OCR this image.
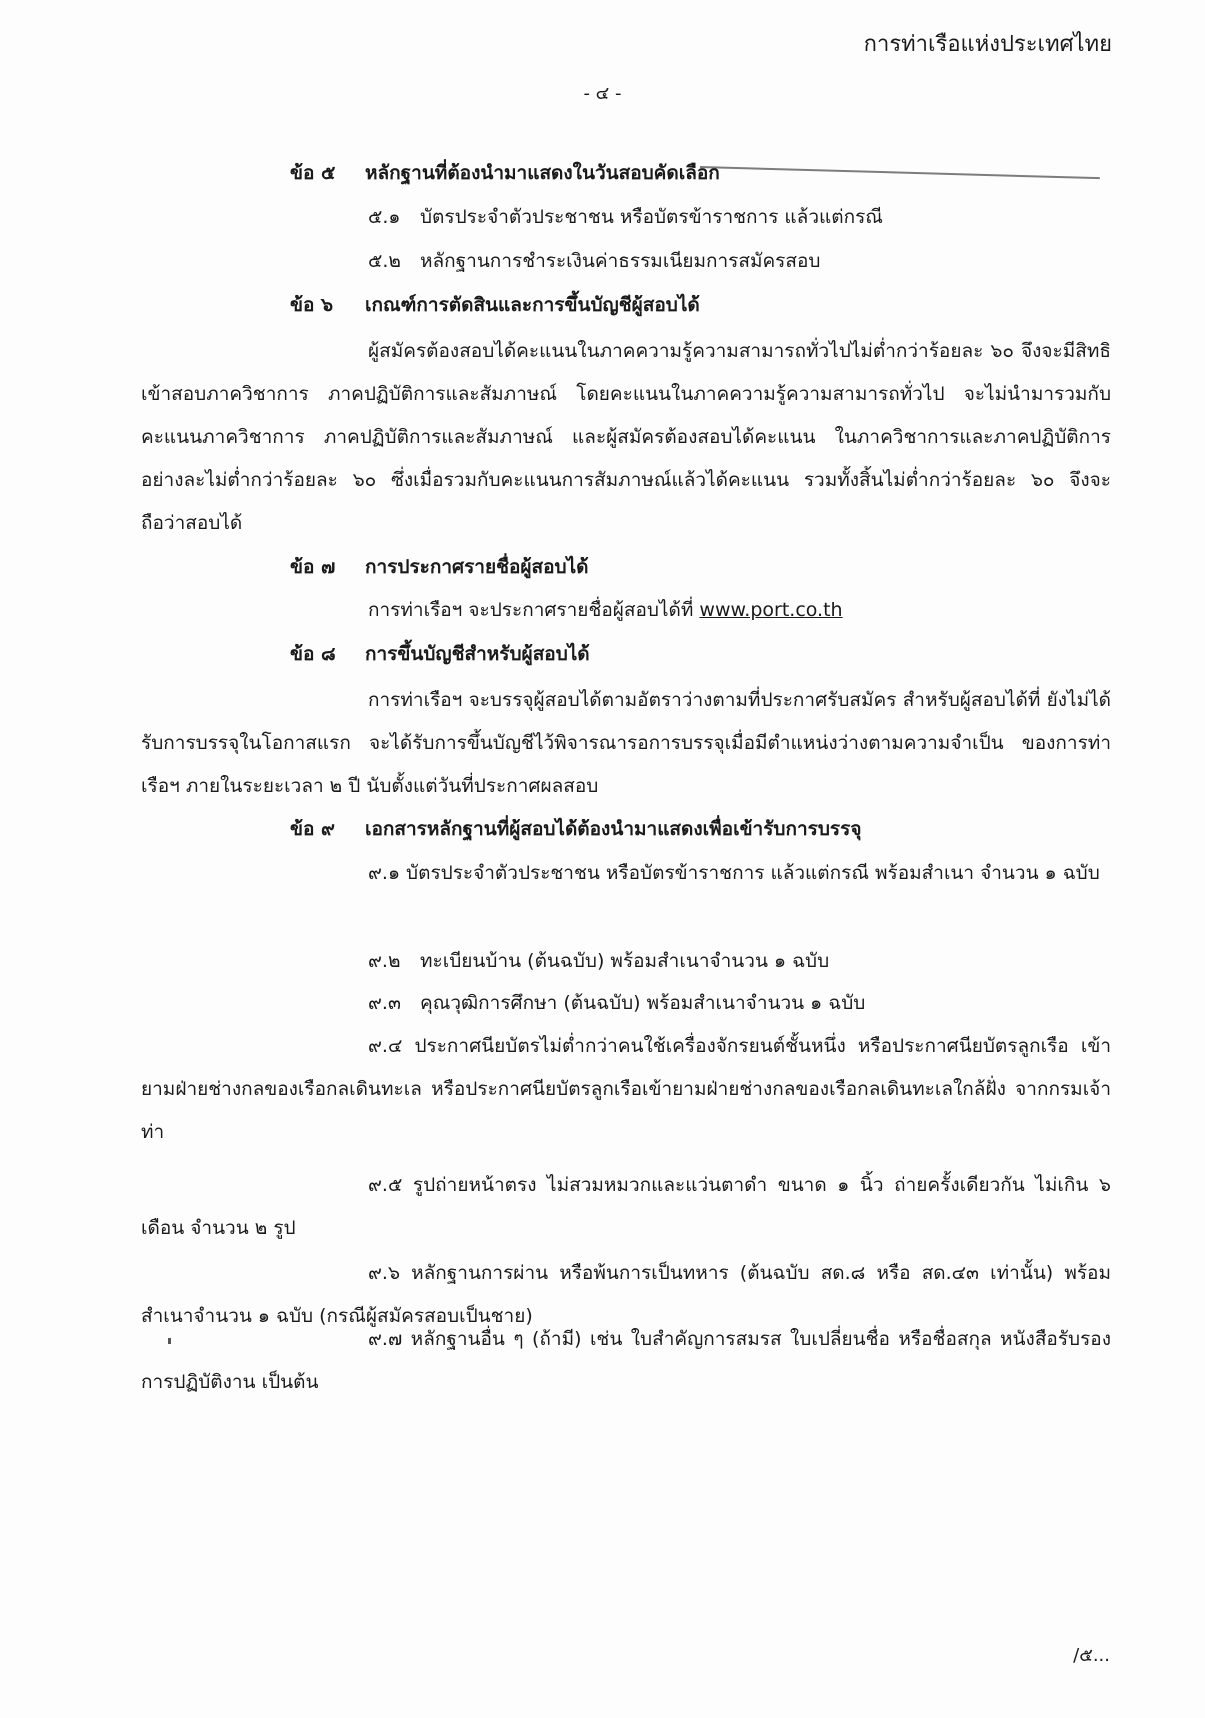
การท่าเรือแห่งประเทศไทย
- ๔ -
ข้อ ๕ หลักฐานที่ต้องนำมาแสดงในวันสอบคัดเลือก
๕.๑ บัตรประจำตัวประชาชน หรือบัตรข้าราชการ แล้วแต่กรณี
๕.๒ หลักฐานการชำระเงินค่าธรรมเนียมการสมัครสอบ
ข้อ ๖ เกณฑ์การตัดสินและการขึ้นบัญชีผู้สอบได้
ผู้สมัครต้องสอบได้คะแนนในภาคความรู้ความสามารถทั่วไปไม่ต่ำกว่าร้อยละ ๖๐ จึงจะมีสิทธิเข้าสอบภาควิชาการ ภาคปฏิบัติการและสัมภาษณ์ โดยคะแนนในภาคความรู้ความสามารถทั่วไป จะไม่นำมารวมกับคะแนนภาควิชาการ ภาคปฏิบัติการและสัมภาษณ์ และผู้สมัครต้องสอบได้คะแนน ในภาควิชาการและภาคปฏิบัติการอย่างละไม่ต่ำกว่าร้อยละ ๖๐ ซึ่งเมื่อรวมกับคะแนนการสัมภาษณ์แล้วได้คะแนน รวมทั้งสิ้นไม่ต่ำกว่าร้อยละ ๖๐ จึงจะถือว่าสอบได้
ข้อ ๗ การประกาศรายชื่อผู้สอบได้
การท่าเรือฯ จะประกาศรายชื่อผู้สอบได้ที่ www.port.co.th
ข้อ ๘ การขึ้นบัญชีสำหรับผู้สอบได้
การท่าเรือฯ จะบรรจุผู้สอบได้ตามอัตราว่างตามที่ประกาศรับสมัคร สำหรับผู้สอบได้ที่ ยังไม่ได้รับการบรรจุในโอกาสแรก จะได้รับการขึ้นบัญชีไว้พิจารณารอการบรรจุเมื่อมีตำแหน่งว่างตามความจำเป็น ของการท่าเรือฯ ภายในระยะเวลา ๒ ปี นับตั้งแต่วันที่ประกาศผลสอบ
ข้อ ๙ เอกสารหลักฐานที่ผู้สอบได้ต้องนำมาแสดงเพื่อเข้ารับการบรรจุ
๙.๑ บัตรประจำตัวประชาชน หรือบัตรข้าราชการ แล้วแต่กรณี พร้อมสำเนา จำนวน ๑ ฉบับ
๙.๒ ทะเบียนบ้าน (ต้นฉบับ) พร้อมสำเนาจำนวน ๑ ฉบับ
๙.๓ คุณวุฒิการศึกษา (ต้นฉบับ) พร้อมสำเนาจำนวน ๑ ฉบับ
๙.๔ ประกาศนียบัตรไม่ต่ำกว่าคนใช้เครื่องจักรยนต์ชั้นหนึ่ง หรือประกาศนียบัตรลูกเรือ เข้ายามฝ่ายช่างกลของเรือกลเดินทะเล หรือประกาศนียบัตรลูกเรือเข้ายามฝ่ายช่างกลของเรือกลเดินทะเลใกล้ฝั่ง จากกรมเจ้าท่า
๙.๕ รูปถ่ายหน้าตรง ไม่สวมหมวกและแว่นตาดำ ขนาด ๑ นิ้ว ถ่ายครั้งเดียวกัน ไม่เกิน ๖ เดือน จำนวน ๒ รูป
๙.๖ หลักฐานการผ่าน หรือพ้นการเป็นทหาร (ต้นฉบับ สด.๘ หรือ สด.๔๓ เท่านั้น) พร้อมสำเนาจำนวน ๑ ฉบับ (กรณีผู้สมัครสอบเป็นชาย)
๙.๗ หลักฐานอื่น ๆ (ถ้ามี) เช่น ใบสำคัญการสมรส ใบเปลี่ยนชื่อ หรือชื่อสกุล หนังสือรับรองการปฏิบัติงาน เป็นต้น
/๕...
